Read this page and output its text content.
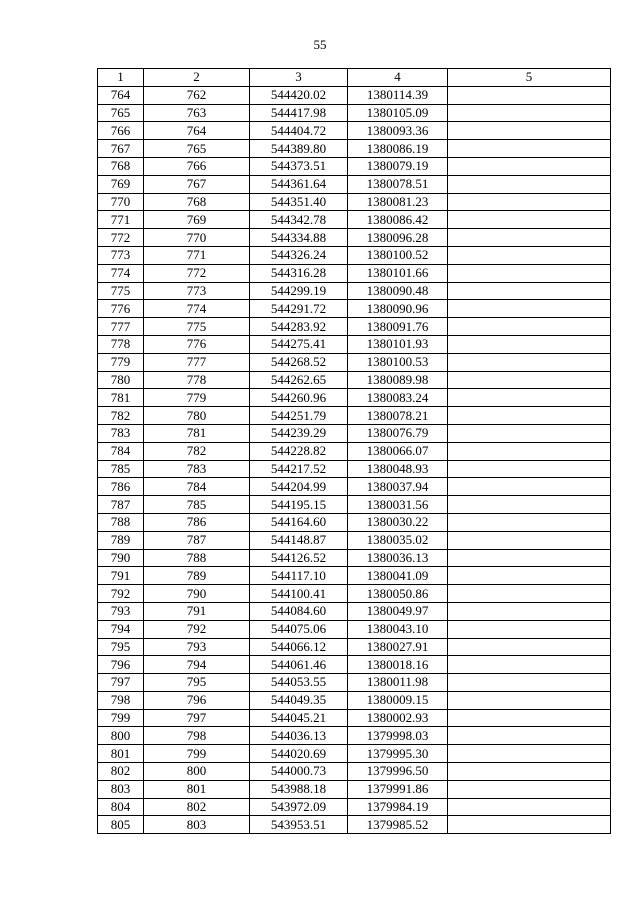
55
1	2	3	4	5
764	762	544420.02	1380114.39	
765	763	544417.98	1380105.09	
766	764	544404.72	1380093.36	
767	765	544389.80	1380086.19	
768	766	544373.51	1380079.19	
769	767	544361.64	1380078.51	
770	768	544351.40	1380081.23	
771	769	544342.78	1380086.42	
772	770	544334.88	1380096.28	
773	771	544326.24	1380100.52	
774	772	544316.28	1380101.66	
775	773	544299.19	1380090.48	
776	774	544291.72	1380090.96	
777	775	544283.92	1380091.76	
778	776	544275.41	1380101.93	
779	777	544268.52	1380100.53	
780	778	544262.65	1380089.98	
781	779	544260.96	1380083.24	
782	780	544251.79	1380078.21	
783	781	544239.29	1380076.79	
784	782	544228.82	1380066.07	
785	783	544217.52	1380048.93	
786	784	544204.99	1380037.94	
787	785	544195.15	1380031.56	
788	786	544164.60	1380030.22	
789	787	544148.87	1380035.02	
790	788	544126.52	1380036.13	
791	789	544117.10	1380041.09	
792	790	544100.41	1380050.86	
793	791	544084.60	1380049.97	
794	792	544075.06	1380043.10	
795	793	544066.12	1380027.91	
796	794	544061.46	1380018.16	
797	795	544053.55	1380011.98	
798	796	544049.35	1380009.15	
799	797	544045.21	1380002.93	
800	798	544036.13	1379998.03	
801	799	544020.69	1379995.30	
802	800	544000.73	1379996.50	
803	801	543988.18	1379991.86	
804	802	543972.09	1379984.19	
805	803	543953.51	1379985.52	
